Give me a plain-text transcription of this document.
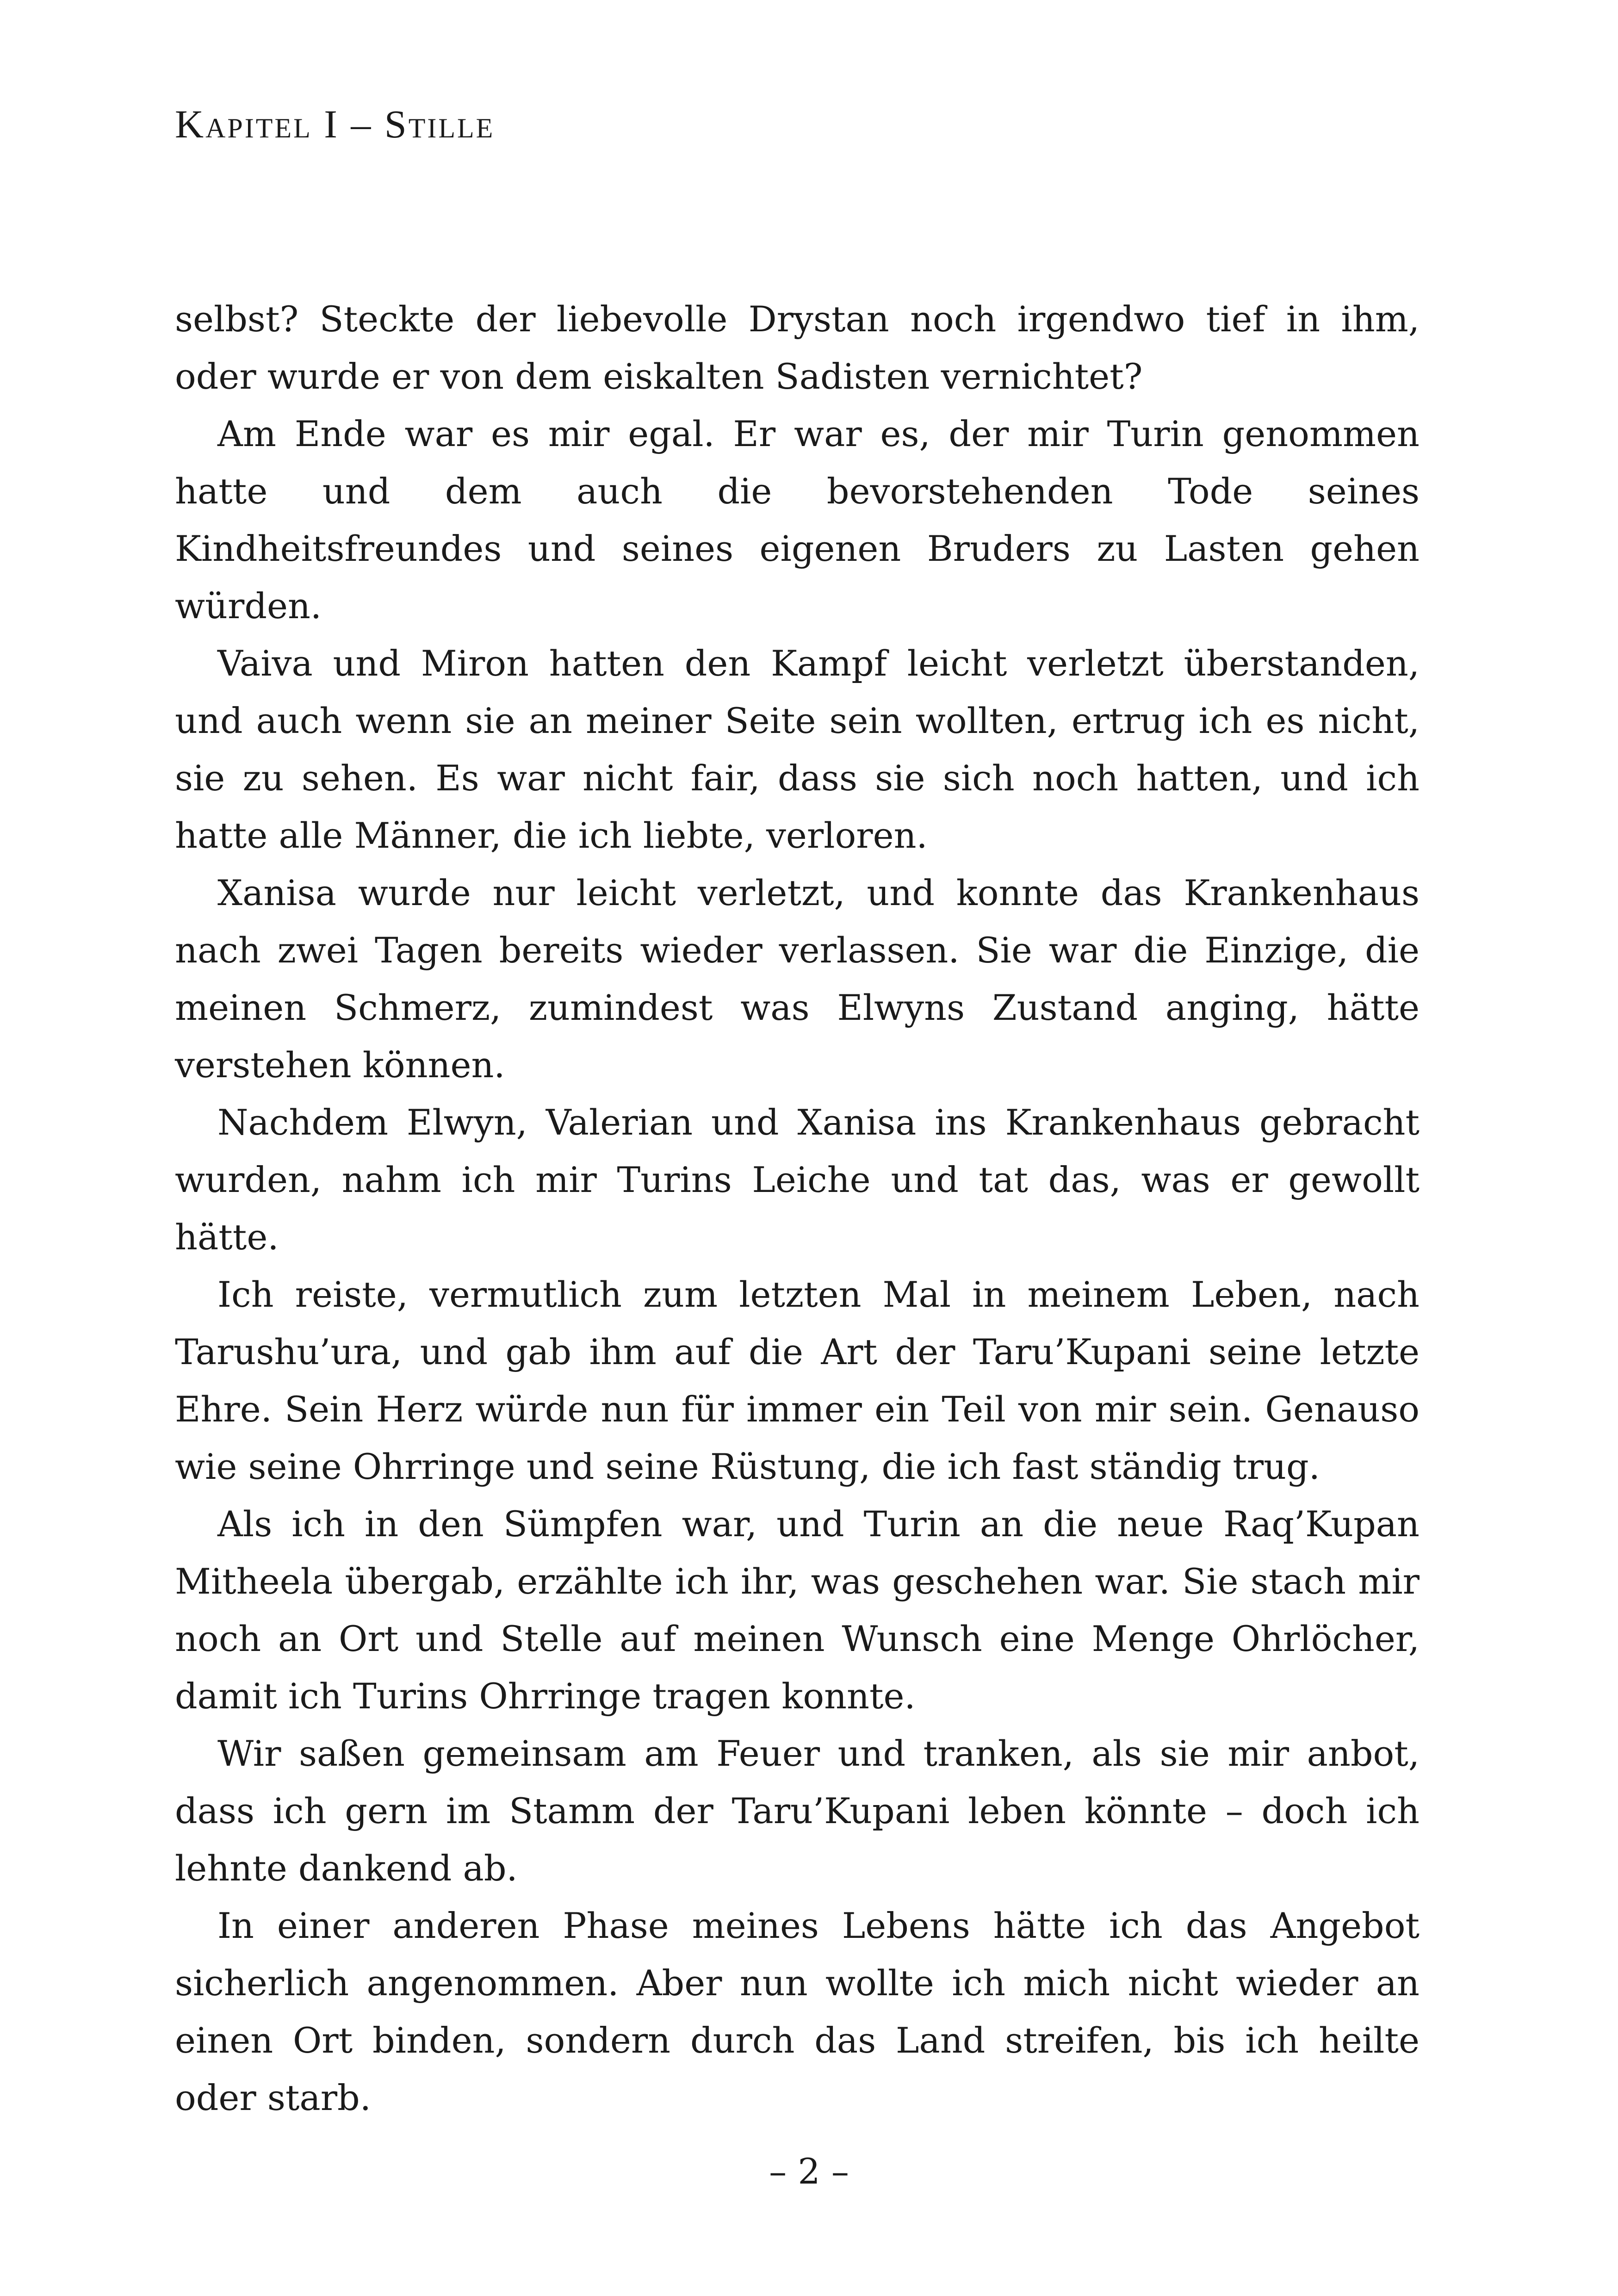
Kapitel I – Stille

selbst? Steckte der liebevolle Drystan noch irgendwo tief in ihm, oder wurde er von dem eiskalten Sadisten vernichtet?

Am Ende war es mir egal. Er war es, der mir Turin genommen hatte und dem auch die bevorstehenden Tode seines Kindheitsfreundes und seines eigenen Bruders zu Lasten gehen würden.

Vaiva und Miron hatten den Kampf leicht verletzt überstanden, und auch wenn sie an meiner Seite sein wollten, ertrug ich es nicht, sie zu sehen. Es war nicht fair, dass sie sich noch hatten, und ich hatte alle Männer, die ich liebte, verloren.

Xanisa wurde nur leicht verletzt, und konnte das Krankenhaus nach zwei Tagen bereits wieder verlassen. Sie war die Einzige, die meinen Schmerz, zumindest was Elwyns Zustand anging, hätte verstehen können.

Nachdem Elwyn, Valerian und Xanisa ins Krankenhaus gebracht wurden, nahm ich mir Turins Leiche und tat das, was er gewollt hätte.

Ich reiste, vermutlich zum letzten Mal in meinem Leben, nach Tarushu’ura, und gab ihm auf die Art der Taru’Kupani seine letzte Ehre. Sein Herz würde nun für immer ein Teil von mir sein. Genauso wie seine Ohrringe und seine Rüstung, die ich fast ständig trug.

Als ich in den Sümpfen war, und Turin an die neue Raq’Kupan Mitheela übergab, erzählte ich ihr, was geschehen war. Sie stach mir noch an Ort und Stelle auf meinen Wunsch eine Menge Ohrlöcher, damit ich Turins Ohrringe tragen konnte.

Wir saßen gemeinsam am Feuer und tranken, als sie mir anbot, dass ich gern im Stamm der Taru’Kupani leben könnte – doch ich lehnte dankend ab.

In einer anderen Phase meines Lebens hätte ich das Angebot sicherlich angenommen. Aber nun wollte ich mich nicht wieder an einen Ort binden, sondern durch das Land streifen, bis ich heilte oder starb.

– 2 –
